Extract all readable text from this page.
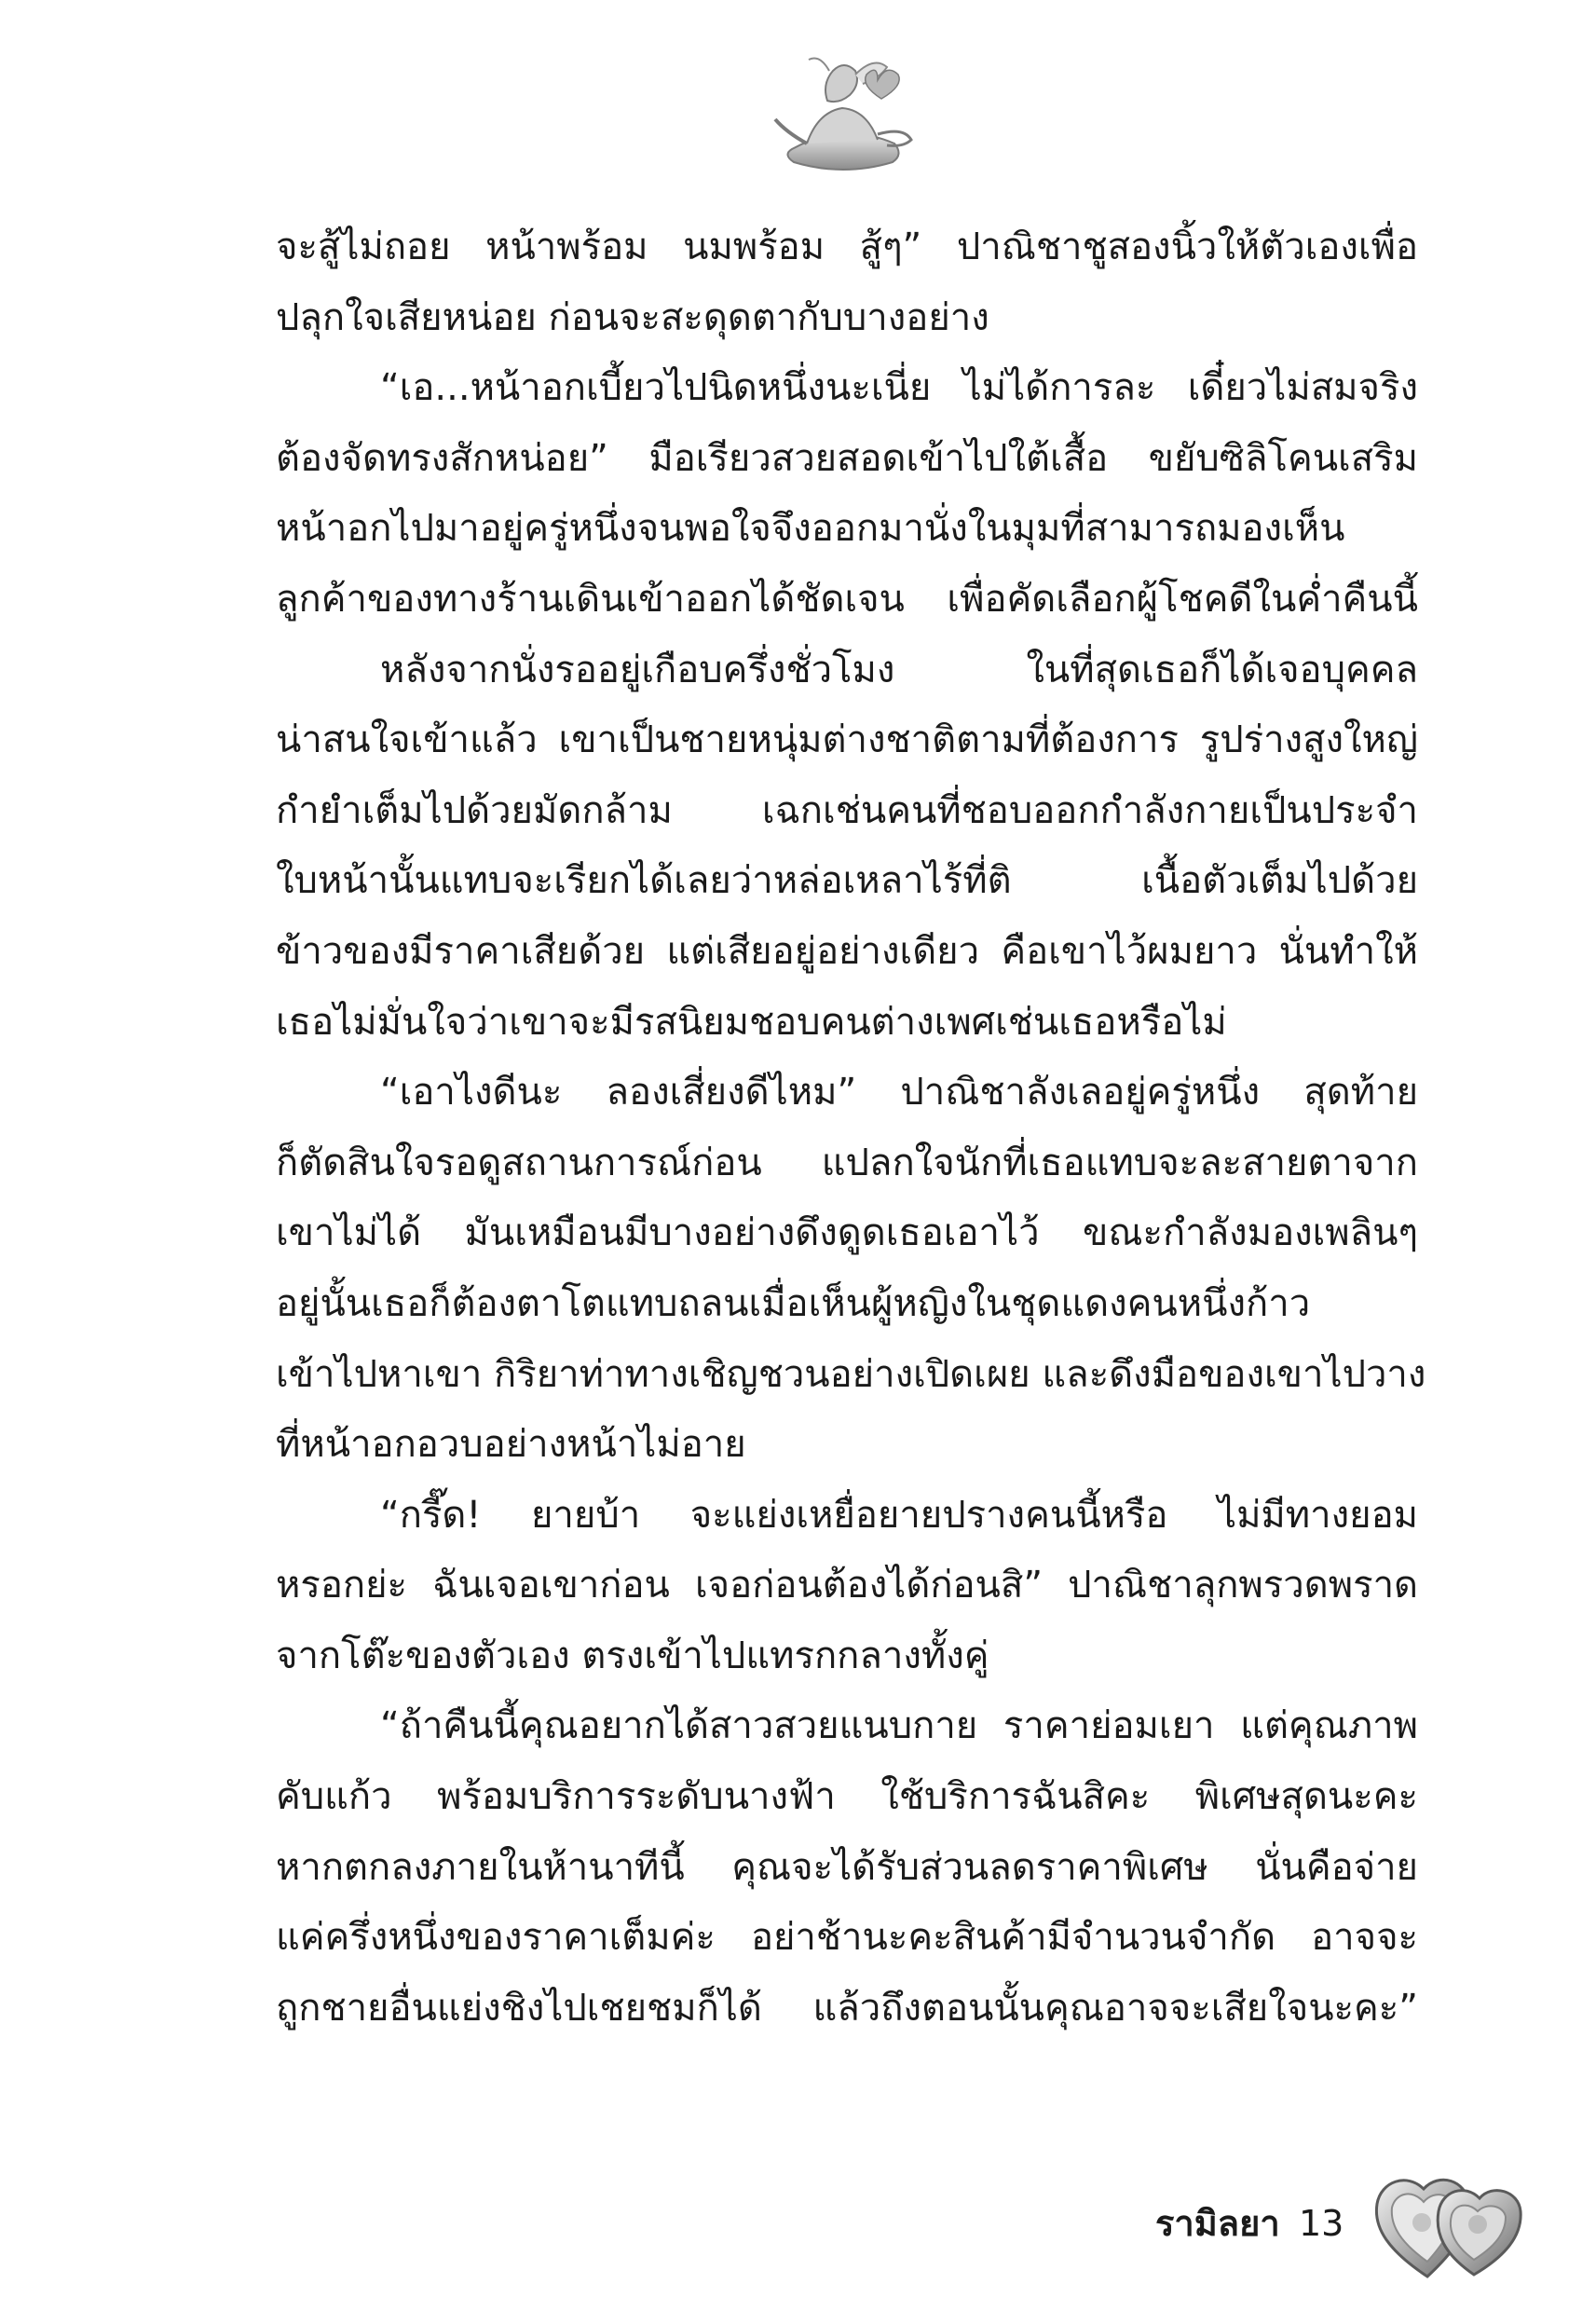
จะสู้ไม่ถอย หน้าพร้อม นมพร้อม สู้ๆ” ปาณิชาชูสองนิ้วให้ตัวเองเพื่อ
ปลุกใจเสียหน่อย ก่อนจะสะดุดตากับบางอย่าง
“เอ...หน้าอกเบี้ยวไปนิดหนึ่งนะเนี่ย ไม่ได้การละ เดี๋ยวไม่สมจริง
ต้องจัดทรงสักหน่อย” มือเรียวสวยสอดเข้าไปใต้เสื้อ ขยับซิลิโคนเสริม
หน้าอกไปมาอยู่ครู่หนึ่งจนพอใจจึงออกมานั่งในมุมที่สามารถมองเห็น
ลูกค้าของทางร้านเดินเข้าออกได้ชัดเจน เพื่อคัดเลือกผู้โชคดีในค่ำคืนนี้
หลังจากนั่งรออยู่เกือบครึ่งชั่วโมง ในที่สุดเธอก็ได้เจอบุคคล
น่าสนใจเข้าแล้ว เขาเป็นชายหนุ่มต่างชาติตามที่ต้องการ รูปร่างสูงใหญ่
กำยำเต็มไปด้วยมัดกล้าม เฉกเช่นคนที่ชอบออกกำลังกายเป็นประจำ
ใบหน้านั้นแทบจะเรียกได้เลยว่าหล่อเหลาไร้ที่ติ เนื้อตัวเต็มไปด้วย
ข้าวของมีราคาเสียด้วย แต่เสียอยู่อย่างเดียว คือเขาไว้ผมยาว นั่นทำให้
เธอไม่มั่นใจว่าเขาจะมีรสนิยมชอบคนต่างเพศเช่นเธอหรือไม่
“เอาไงดีนะ ลองเสี่ยงดีไหม” ปาณิชาลังเลอยู่ครู่หนึ่ง สุดท้าย
ก็ตัดสินใจรอดูสถานการณ์ก่อน แปลกใจนักที่เธอแทบจะละสายตาจาก
เขาไม่ได้ มันเหมือนมีบางอย่างดึงดูดเธอเอาไว้ ขณะกำลังมองเพลินๆ
อยู่นั้นเธอก็ต้องตาโตแทบถลนเมื่อเห็นผู้หญิงในชุดแดงคนหนึ่งก้าว
เข้าไปหาเขา กิริยาท่าทางเชิญชวนอย่างเปิดเผย และดึงมือของเขาไปวาง
ที่หน้าอกอวบอย่างหน้าไม่อาย
“กรี๊ด! ยายบ้า จะแย่งเหยื่อยายปรางคนนี้หรือ ไม่มีทางยอม
หรอกย่ะ ฉันเจอเขาก่อน เจอก่อนต้องได้ก่อนสิ” ปาณิชาลุกพรวดพราด
จากโต๊ะของตัวเอง ตรงเข้าไปแทรกกลางทั้งคู่
“ถ้าคืนนี้คุณอยากได้สาวสวยแนบกาย ราคาย่อมเยา แต่คุณภาพ
คับแก้ว พร้อมบริการระดับนางฟ้า ใช้บริการฉันสิคะ พิเศษสุดนะคะ
หากตกลงภายในห้านาทีนี้ คุณจะได้รับส่วนลดราคาพิเศษ นั่นคือจ่าย
แค่ครึ่งหนึ่งของราคาเต็มค่ะ อย่าช้านะคะสินค้ามีจำนวนจำกัด อาจจะ
ถูกชายอื่นแย่งชิงไปเชยชมก็ได้ แล้วถึงตอนนั้นคุณอาจจะเสียใจนะคะ”
รามิลยา 13
